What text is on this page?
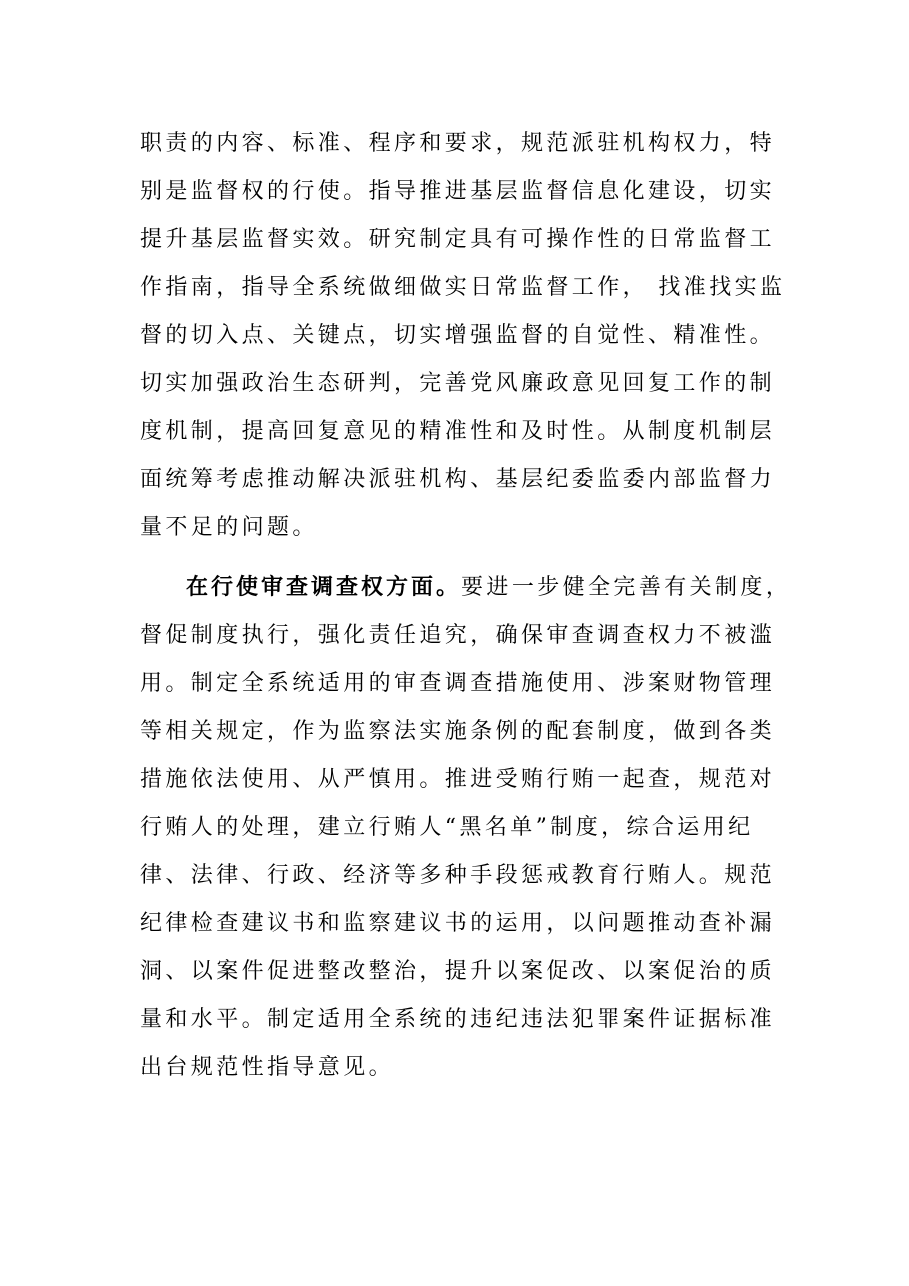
职责的内容、标准、程序和要求，规范派驻机构权力，特
别是监督权的行使。指导推进基层监督信息化建设，切实
提升基层监督实效。研究制定具有可操作性的日常监督工
作指南，指导全系统做细做实日常监督工作， 找准找实监
督的切入点、关键点，切实增强监督的自觉性、精准性。
切实加强政治生态研判，完善党风廉政意见回复工作的制
度机制，提高回复意见的精准性和及时性。从制度机制层
面统筹考虑推动解决派驻机构、基层纪委监委内部监督力
量不足的问题。
在行使审查调查权方面。要进一步健全完善有关制度，
督促制度执行，强化责任追究，确保审查调查权力不被滥
用。制定全系统适用的审查调查措施使用、涉案财物管理
等相关规定，作为监察法实施条例的配套制度，做到各类
措施依法使用、从严慎用。推进受贿行贿一起查，规范对
行贿人的处理，建立行贿人“黑名单”制度，综合运用纪
律、法律、行政、经济等多种手段惩戒教育行贿人。规范
纪律检查建议书和监察建议书的运用，以问题推动查补漏
洞、以案件促进整改整治，提升以案促改、以案促治的质
量和水平。制定适用全系统的违纪违法犯罪案件证据标准
出台规范性指导意见。
